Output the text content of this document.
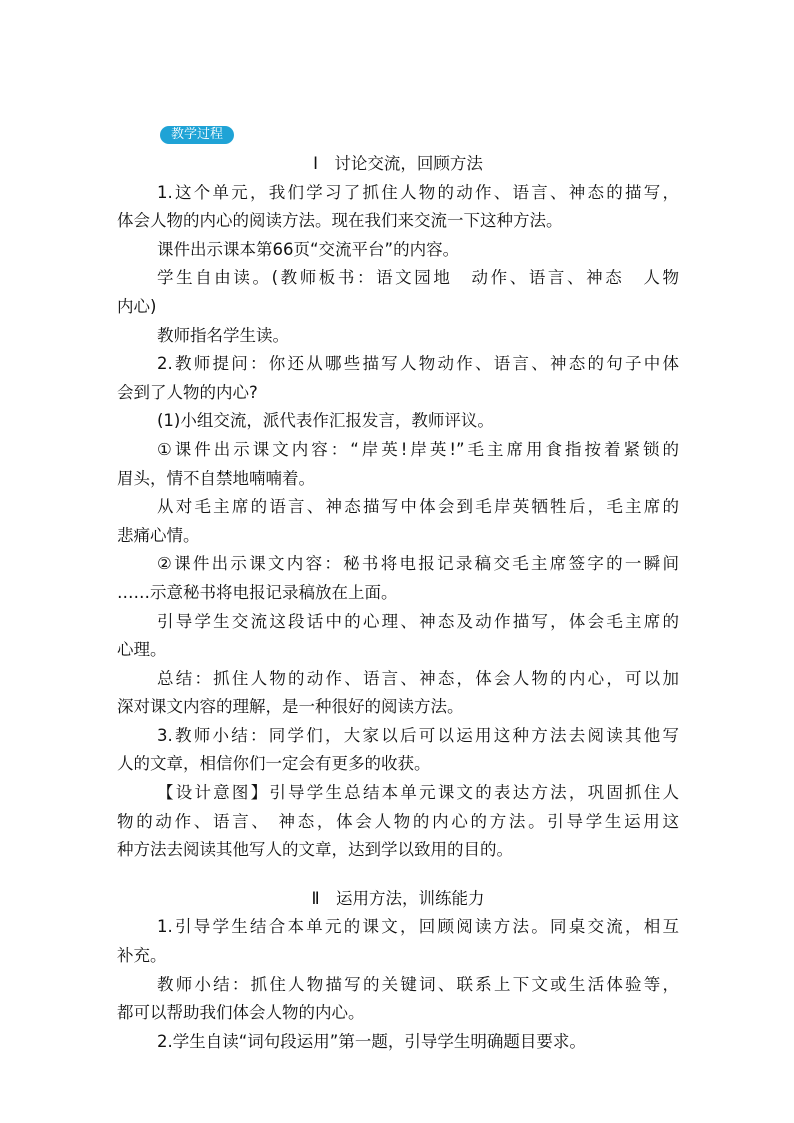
教学过程
Ⅰ　讨论交流，回顾方法
1.这个单元，我们学习了抓住人物的动作、语言、神态的描写，
体会人物的内心的阅读方法。现在我们来交流一下这种方法。
课件出示课本第66页“交流平台”的内容。
学生自由读。(教师板书：语文园地　动作、语言、神态　人物
内心)
教师指名学生读。
2.教师提问：你还从哪些描写人物动作、语言、神态的句子中体
会到了人物的内心?
(1)小组交流，派代表作汇报发言，教师评议。
①课件出示课文内容：“岸英!岸英!”毛主席用食指按着紧锁的
眉头，情不自禁地喃喃着。
从对毛主席的语言、神态描写中体会到毛岸英牺牲后，毛主席的
悲痛心情。
②课件出示课文内容：秘书将电报记录稿交毛主席签字的一瞬间
……示意秘书将电报记录稿放在上面。
引导学生交流这段话中的心理、神态及动作描写，体会毛主席的
心理。
总结：抓住人物的动作、语言、神态，体会人物的内心，可以加
深对课文内容的理解，是一种很好的阅读方法。
3.教师小结：同学们，大家以后可以运用这种方法去阅读其他写
人的文章，相信你们一定会有更多的收获。
【设计意图】引导学生总结本单元课文的表达方法，巩固抓住人
物的动作、语言、 神态，体会人物的内心的方法。引导学生运用这
种方法去阅读其他写人的文章，达到学以致用的目的。
Ⅱ　运用方法，训练能力
1.引导学生结合本单元的课文，回顾阅读方法。同桌交流，相互
补充。
教师小结：抓住人物描写的关键词、联系上下文或生活体验等，
都可以帮助我们体会人物的内心。
2.学生自读“词句段运用”第一题，引导学生明确题目要求。
